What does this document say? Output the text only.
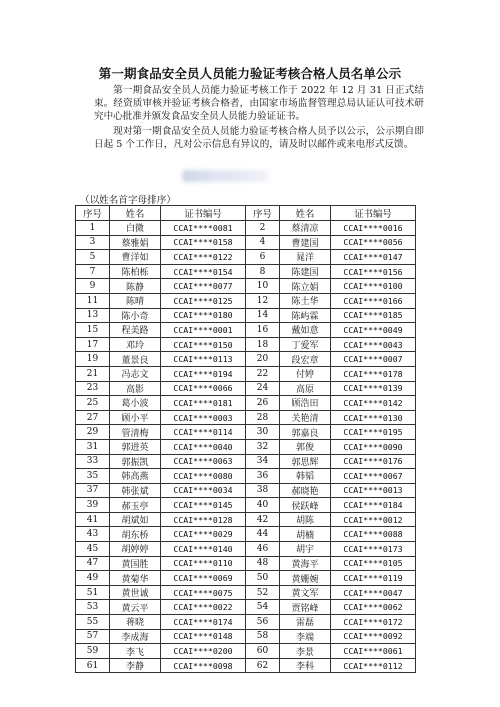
第一期食品安全员人员能力验证考核合格人员名单公示
第一期食品安全员人员能力验证考核工作于 2022 年 12 月 31 日正式结束。经资质审核并验证考核合格者，由国家市场监督管理总局认证认可技术研究中心批准并颁发食品安全员人员能力验证证书。
现对第一期食品安全员人员能力验证考核合格人员予以公示，公示期自即日起 5 个工作日，凡对公示信息有异议的，请及时以邮件或来电形式反馈。
（以姓名首字母排序）
序号	姓名	证书编号	序号	姓名	证书编号
1	白微	CCAI****0081	2	蔡清凉	CCAI****0016
3	蔡雅娟	CCAI****0158	4	曹建国	CCAI****0056
5	曹洋如	CCAI****0122	6	晁洋	CCAI****0147
7	陈柏栎	CCAI****0154	8	陈建国	CCAI****0156
9	陈静	CCAI****0077	10	陈立娟	CCAI****0100
11	陈晴	CCAI****0125	12	陈土华	CCAI****0166
13	陈小奇	CCAI****0180	14	陈屿霖	CCAI****0185
15	程美路	CCAI****0001	16	戴如意	CCAI****0049
17	邓玲	CCAI****0150	18	丁爱军	CCAI****0043
19	董景良	CCAI****0113	20	段宏章	CCAI****0007
21	冯志文	CCAI****0194	22	付婷	CCAI****0178
23	高影	CCAI****0066	24	高原	CCAI****0139
25	葛小波	CCAI****0181	26	顾浩田	CCAI****0142
27	顾小平	CCAI****0003	28	关艳清	CCAI****0130
29	管清梅	CCAI****0114	30	郭嘉良	CCAI****0195
31	郭进英	CCAI****0040	32	郭俊	CCAI****0090
33	郭振凯	CCAI****0063	34	郭思辉	CCAI****0176
35	韩高燕	CCAI****0080	36	韩韬	CCAI****0067
37	韩张斌	CCAI****0034	38	郝晓艳	CCAI****0013
39	郝玉亭	CCAI****0145	40	侯跃峰	CCAI****0184
41	胡斌如	CCAI****0128	42	胡陈	CCAI****0012
43	胡东桥	CCAI****0029	44	胡楠	CCAI****0088
45	胡婷婷	CCAI****0140	46	胡宇	CCAI****0173
47	黄国胜	CCAI****0110	48	黄海平	CCAI****0105
49	黄菊华	CCAI****0069	50	黄姗婉	CCAI****0119
51	黄世诚	CCAI****0075	52	黄文军	CCAI****0047
53	黄云平	CCAI****0022	54	贾铭峰	CCAI****0062
55	蒋晓	CCAI****0174	56	雷磊	CCAI****0172
57	李成海	CCAI****0148	58	李端	CCAI****0092
59	李飞	CCAI****0200	60	李景	CCAI****0061
61	李静	CCAI****0098	62	李科	CCAI****0112
